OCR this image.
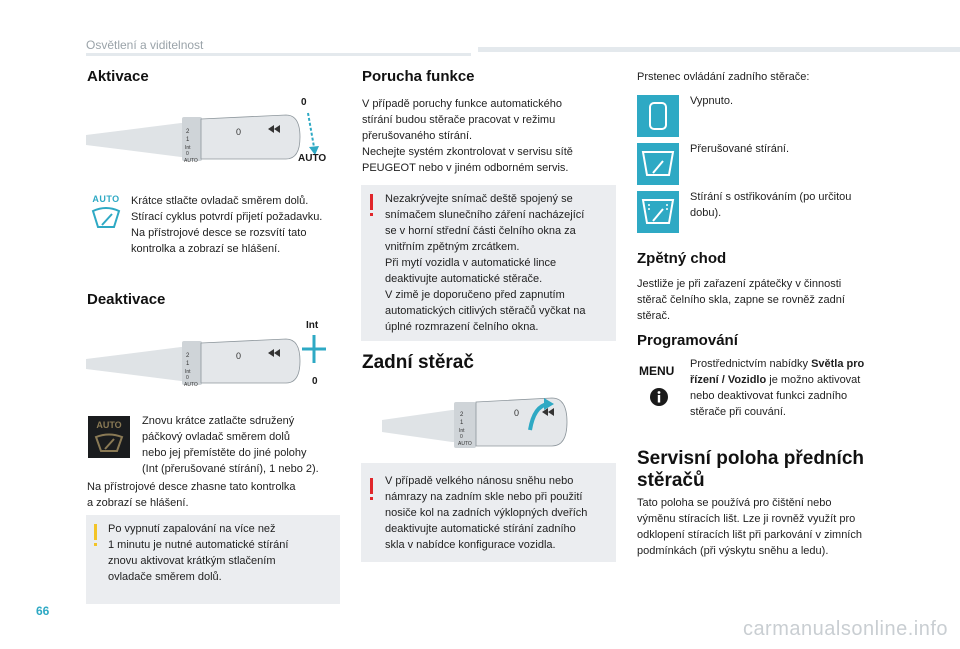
Osvětlení a viditelnost
Aktivace
2
1
Int
0
AUTO
0
0
AUTO
AUTO	Krátce stlačte ovladač směrem dolů.
Stírací cyklus potvrdí přijetí požadavku.
Na přístrojové desce se rozsvítí tato
kontrolka a zobrazí se hlášení.
Deaktivace
2
1
Int
0
AUTO
0
Int
0
AUTO	Znovu krátce zatlačte sdružený
páčkový ovladač směrem dolů
nebo jej přemístěte do jiné polohy
(Int (přerušované stírání), 1 nebo 2).
Na přístrojové desce zhasne tato kontrolka
a zobrazí se hlášení.
Po vypnutí zapalování na více než
1 minutu je nutné automatické stírání
znovu aktivovat krátkým stlačením
ovladače směrem dolů.
Porucha funkce
V případě poruchy funkce automatického
stírání budou stěrače pracovat v režimu
přerušovaného stírání.
Nechejte systém zkontrolovat v servisu sítě
PEUGEOT nebo v jiném odborném servis.
Nezakrývejte snímač deště spojený se
snímačem slunečního záření nacházející
se v horní střední části čelního okna za
vnitřním zpětným zrcátkem.
Při mytí vozidla v automatické lince
deaktivujte automatické stěrače.
V zimě je doporučeno před zapnutím
automatických citlivých stěračů vyčkat na
úplné rozmrazení čelního okna.
Zadní stěrač
2
1
Int
0
AUTO
0
V případě velkého nánosu sněhu nebo
námrazy na zadním skle nebo při použití
nosiče kol na zadních výklopných dveřích
deaktivujte automatické stírání zadního
skla v nabídce konfigurace vozidla.
Prstenec ovládání zadního stěrače:
Vypnuto.
Přerušované stírání.
Stírání s ostřikováním (po určitou
dobu).
Zpětný chod
Jestliže je při zařazení zpátečky v činnosti
stěrač čelního skla, zapne se rovněž zadní
stěrač.
Programování
MENU Prostřednictvím nabídky Světla pro
řízení / Vozidlo je možno aktivovat
nebo deaktivovat funkci zadního
stěrače při couvání.
Servisní poloha předních
stěračů
Tato poloha se používá pro čištění nebo
výměnu stíracích lišt. Lze ji rovněž využít pro
odklopení stíracích lišt při parkování v zimních
podmínkách (při výskytu sněhu a ledu).
66
carmanualsonline.info
